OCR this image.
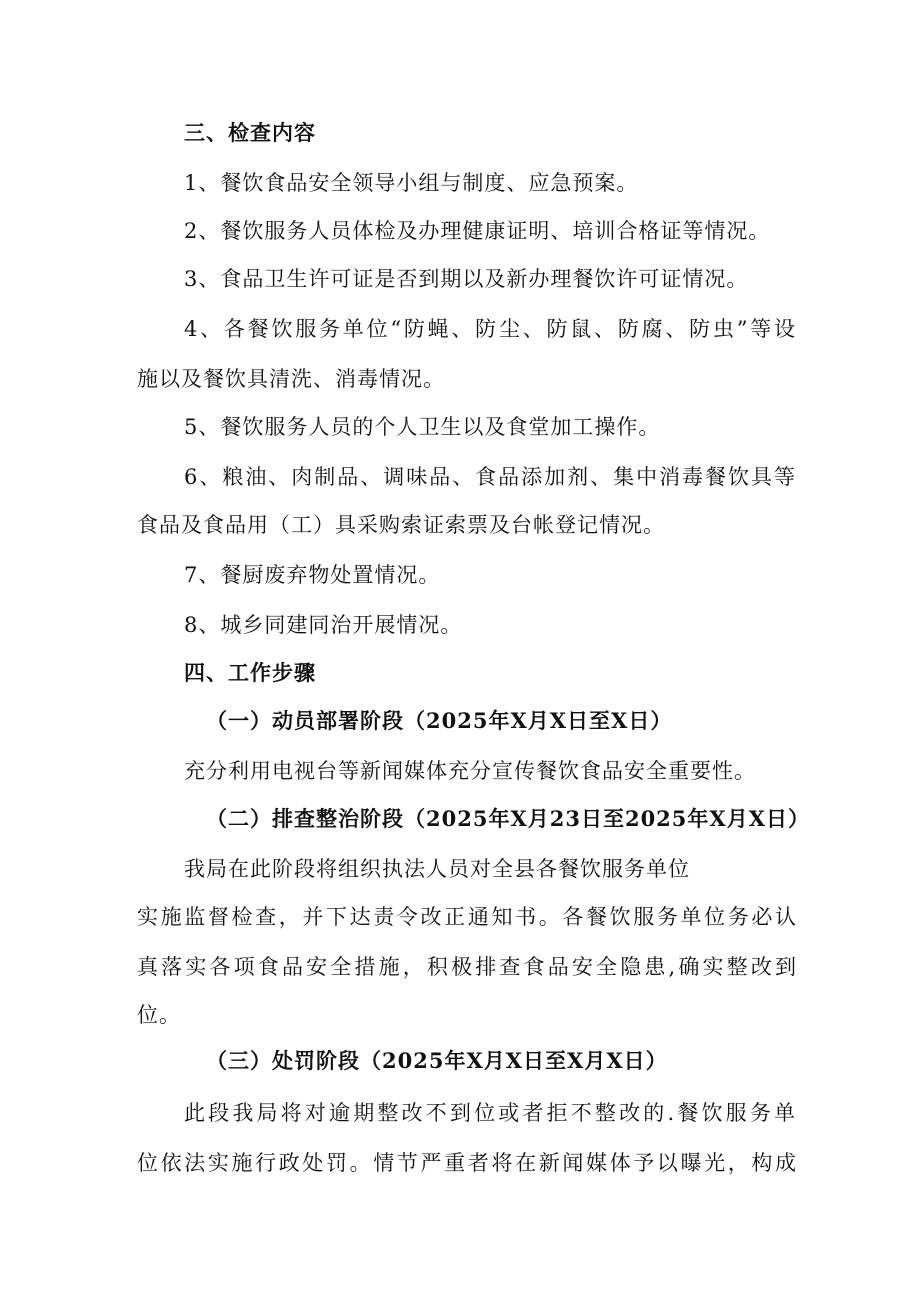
三、检查内容
1、餐饮食品安全领导小组与制度、应急预案。
2、餐饮服务人员体检及办理健康证明、培训合格证等情况。
3、食品卫生许可证是否到期以及新办理餐饮许可证情况。
4、各餐饮服务单位“防蝇、防尘、防鼠、防腐、防虫”等设
施以及餐饮具清洗、消毒情况。
5、餐饮服务人员的个人卫生以及食堂加工操作。
6、粮油、肉制品、调味品、食品添加剂、集中消毒餐饮具等
食品及食品用（工）具采购索证索票及台帐登记情况。
7、餐厨废弃物处置情况。
8、城乡同建同治开展情况。
四、工作步骤
（一）动员部署阶段（2025年X月X日至X日）
充分利用电视台等新闻媒体充分宣传餐饮食品安全重要性。
（二）排查整治阶段（2025年X月23日至2025年X月X日）
我局在此阶段将组织执法人员对全县各餐饮服务单位
实施监督检查，并下达责令改正通知书。各餐饮服务单位务必认
真落实各项食品安全措施，积极排查食品安全隐患,确实整改到
位。
（三）处罚阶段（2025年X月X日至X月X日）
此段我局将对逾期整改不到位或者拒不整改的.餐饮服务单
位依法实施行政处罚。情节严重者将在新闻媒体予以曝光，构成
